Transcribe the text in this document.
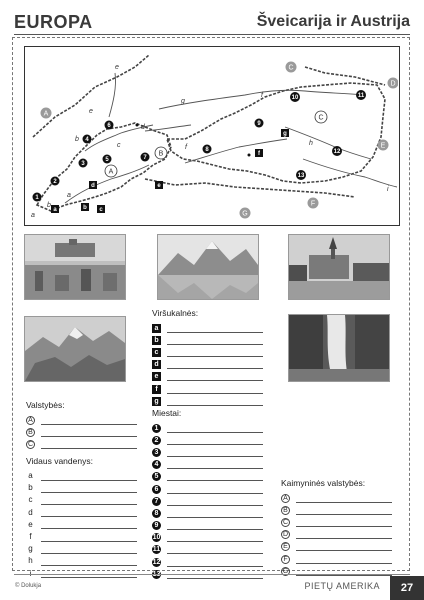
EUROPA	Šveicarija ir Austrija
A
C
D
E
F
G
C
B
A
1
2
3
4
5
6
7
8
9
10	11
12
13
a	b c
d	e
f
g
a
b
c
d
e
e
f
g
h
i
f
a
b
Viršukalnės:
a
b
c
d
e
f
g
Valstybės:
A
B
C
Vidaus vandenys:
a
b
c
d
e
f
g
h
i
Miestai:
1
2
3
4
5
6
7
8
9
10
11
12
13
Kaimyninės valstybės:
A
B
C
D
E
F
G
© Dolukja	PIETŲ AMERIKA	27
